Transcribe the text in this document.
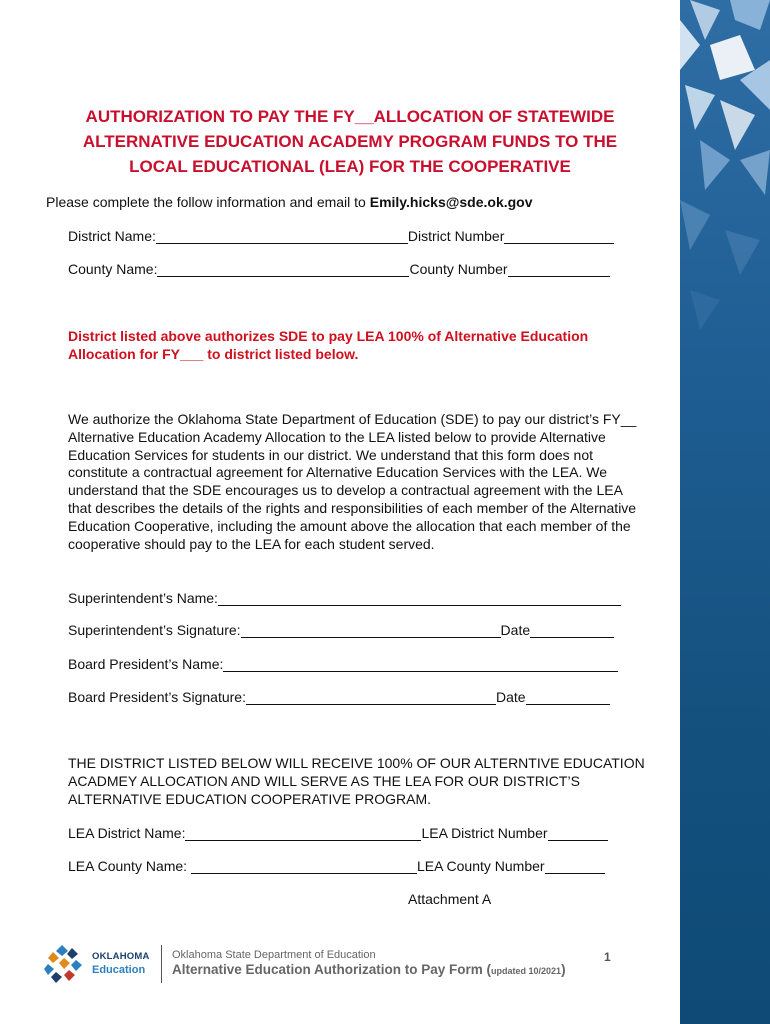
AUTHORIZATION TO PAY THE FY__ALLOCATION OF STATEWIDE
ALTERNATIVE EDUCATION ACADEMY PROGRAM FUNDS TO THE
LOCAL EDUCATIONAL (LEA) FOR THE COOPERATIVE
Please complete the follow information and email to Emily.hicks@sde.ok.gov
District Name:	District Number
County Name:	County Number
District listed above authorizes SDE to pay LEA 100% of Alternative Education
Allocation for FY___ to district listed below.
We authorize the Oklahoma State Department of Education (SDE) to pay our district’s FY__ Alternative Education Academy Allocation to the LEA listed below to provide Alternative Education Services for students in our district. We understand that this form does not constitute a contractual agreement for Alternative Education Services with the LEA. We understand that the SDE encourages us to develop a contractual agreement with the LEA that describes the details of the rights and responsibilities of each member of the Alternative Education Cooperative, including the amount above the allocation that each member of the cooperative should pay to the LEA for each student served.
Superintendent’s Name:
Superintendent’s Signature:	Date
Board President’s Name:
Board President’s Signature:	Date
THE DISTRICT LISTED BELOW WILL RECEIVE 100% OF OUR ALTERNTIVE EDUCATION ACADMEY ALLOCATION AND WILL SERVE AS THE LEA FOR OUR DISTRICT’S ALTERNATIVE EDUCATION COOPERATIVE PROGRAM.
LEA District Name:	LEA District Number
LEA County Name:	LEA County Number
Attachment A
OKLAHOMA
Education
Oklahoma State Department of Education
Alternative Education Authorization to Pay Form (updated 10/2021)
1
